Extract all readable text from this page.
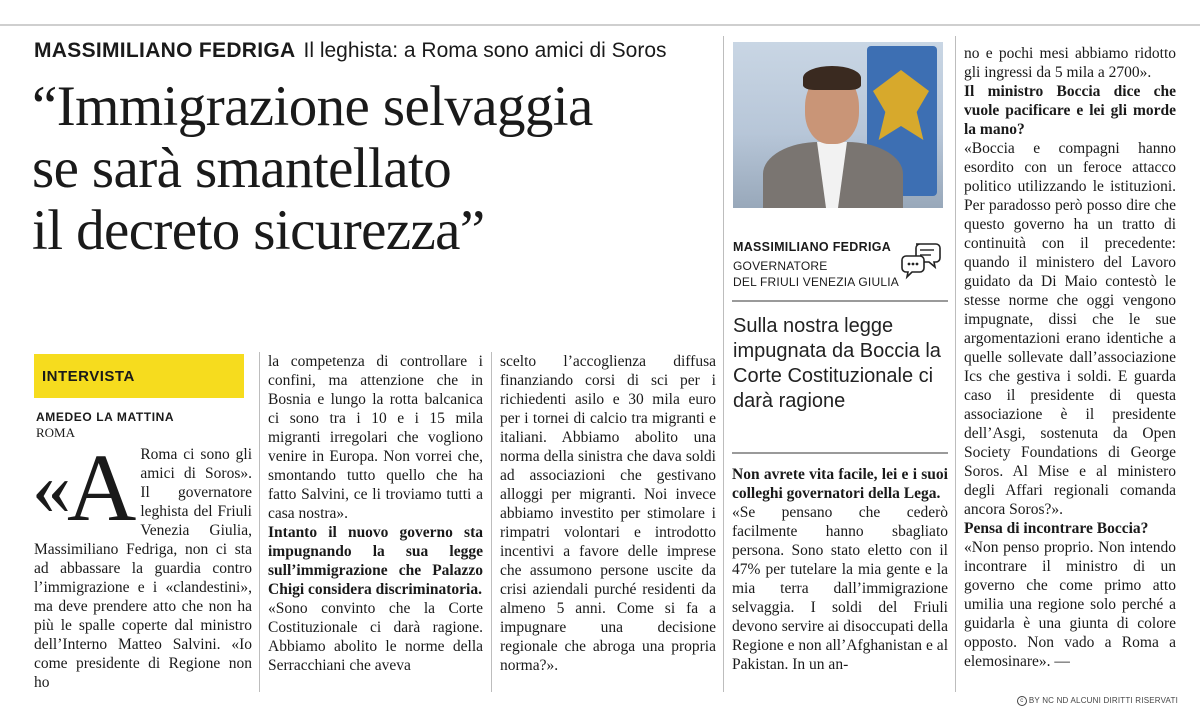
MASSIMILIANO FEDRIGA Il leghista: a Roma sono amici di Soros
“Immigrazione selvaggia
se sarà smantellato
il decreto sicurezza”
INTERVISTA
AMEDEO LA MATTINA
ROMA
«A Roma ci sono gli amici di Soros». Il governatore leghista del Friuli Venezia Giulia, Massimiliano Fedriga, non ci sta ad abbassare la guardia contro l’immigrazione e i «clandestini», ma deve prendere atto che non ha più le spalle coperte dal ministro dell’Interno Matteo Salvini. «Io come presidente di Regione non ho

la competenza di controllare i confini, ma attenzione che in Bosnia e lungo la rotta balcanica ci sono tra i 10 e i 15 mila migranti irregolari che vogliono venire in Europa. Non vorrei che, smontando tutto quello che ha fatto Salvini, ce li troviamo tutti a casa nostra».

Intanto il nuovo governo sta impugnando la sua legge sull’immigrazione che Palazzo Chigi considera discriminatoria.

«Sono convinto che la Corte Costituzionale ci darà ragione. Abbiamo abolito le norme della Serracchiani che aveva

scelto l’accoglienza diffusa finanziando corsi di sci per i richiedenti asilo e 30 mila euro per i tornei di calcio tra migranti e italiani. Abbiamo abolito una norma della sinistra che dava soldi ad associazioni che gestivano alloggi per migranti. Noi invece abbiamo investito per stimolare i rimpatri volontari e introdotto incentivi a favore delle imprese che assumono persone uscite da crisi aziendali purché residenti da almeno 5 anni. Come si fa a impugnare una decisione regionale che abroga una propria norma?».

MASSIMILIANO FEDRIGA
GOVERNATORE
DEL FRIULI VENEZIA GIULIA
Sulla nostra legge impugnata da Boccia la Corte Costituzionale ci darà ragione

Non avrete vita facile, lei e i suoi colleghi governatori della Lega.

«Se pensano che cederò facilmente hanno sbagliato persona. Sono stato eletto con il 47% per tutelare la mia gente e la mia terra dall’immigrazione selvaggia. I soldi del Friuli devono servire ai disoccupati della Regione e non all’Afghanistan e al Pakistan. In un an-

no e pochi mesi abbiamo ridotto gli ingressi da 5 mila a 2700».

Il ministro Boccia dice che vuole pacificare e lei gli morde la mano?

«Boccia e compagni hanno esordito con un feroce attacco politico utilizzando le istituzioni. Per paradosso però posso dire che questo governo ha un tratto di continuità con il precedente: quando il ministero del Lavoro guidato da Di Maio contestò le stesse norme che oggi vengono impugnate, dissi che le sue argomentazioni erano identiche a quelle sollevate dall’associazione Ics che gestiva i soldi. E guarda caso il presidente di questa associazione è il presidente dell’Asgi, sostenuta da Open Society Foundations di George Soros. Al Mise e al ministero degli Affari regionali comanda ancora Soros?».

Pensa di incontrare Boccia?

«Non penso proprio. Non intendo incontrare il ministro di un governo che come primo atto umilia una regione solo perché a guidarla è una giunta di colore opposto. Non vado a Roma a elemosinare». —

c BY NC ND ALCUNI DIRITTI RISERVATI
